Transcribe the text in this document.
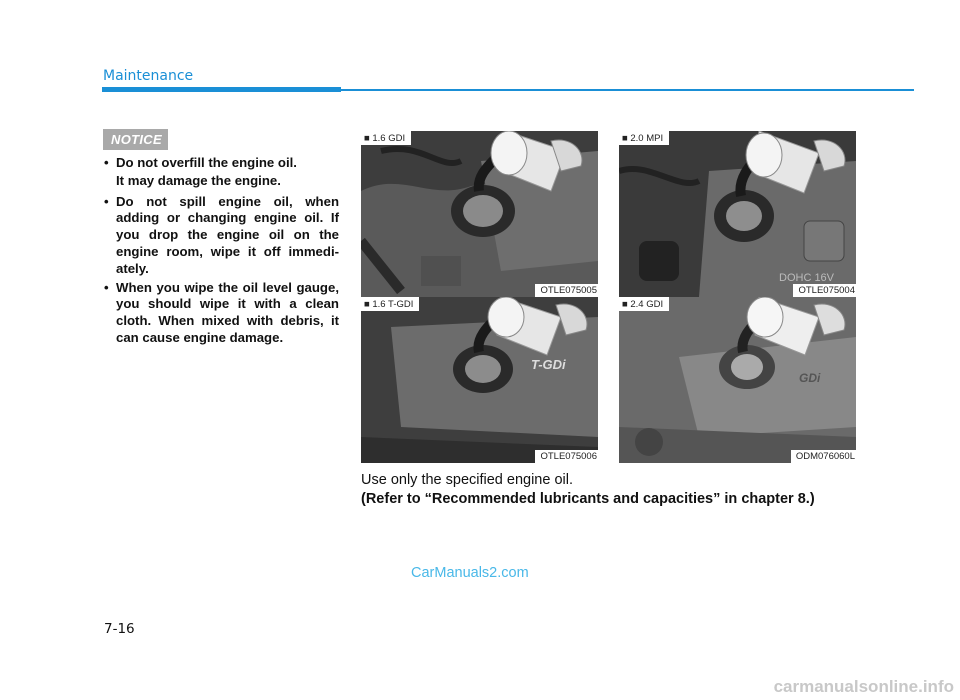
Maintenance
NOTICE

• Do not overfill the engine oil.

It may damage the engine.

• Do not spill engine oil, when adding or changing engine oil. If you drop the engine oil on the engine room, wipe it off immedi-ately.

• When you wipe the oil level gauge, you should wipe it with a clean cloth. When mixed with debris, it can cause engine damage.

■ 1.6 GDI
OTLE075005
DOHC 16V
■ 2.0 MPI
OTLE075004
T-GDi
■ 1.6 T-GDI
OTLE075006
GDi
■ 2.4 GDI
ODM076060L
Use only the specified engine oil.
(Refer to “Recommended lubricants and capacities” in chapter 8.)
CarManuals2.com
7-16
carmanualsonline.info
